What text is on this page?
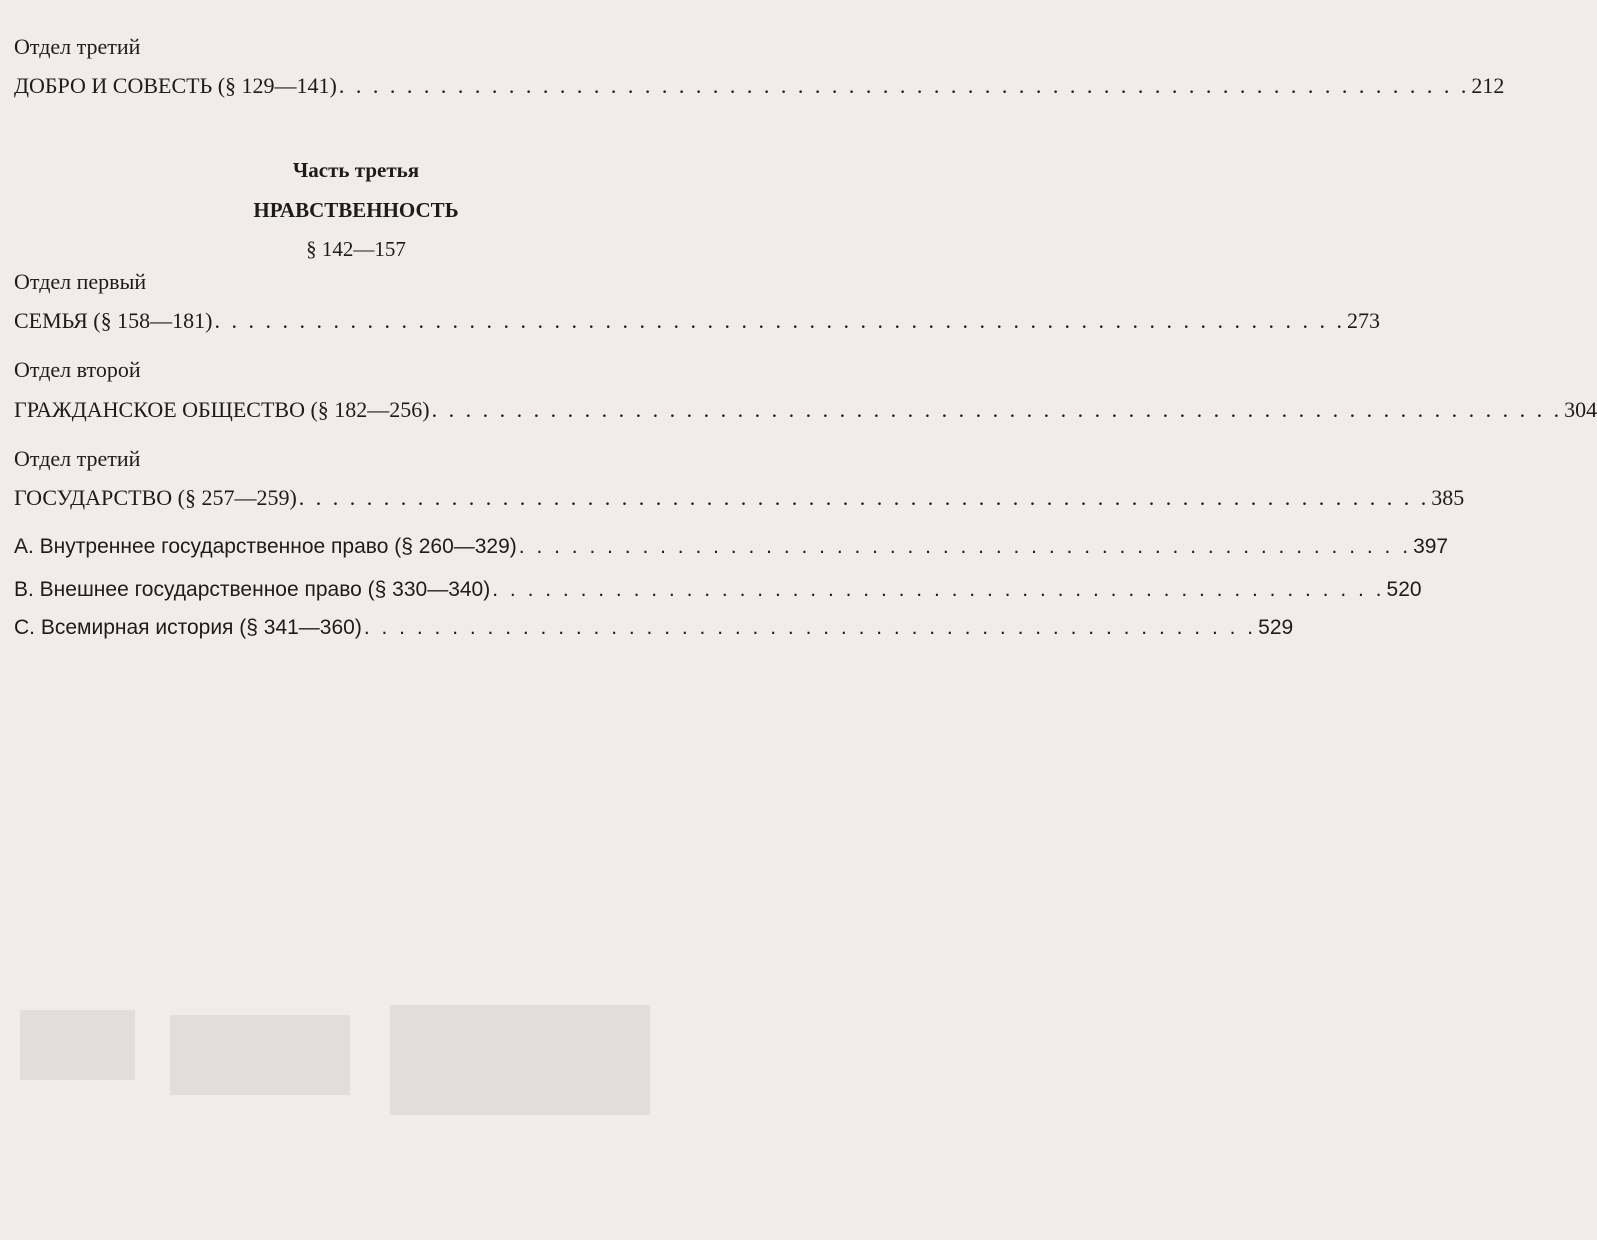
Отдел третий
ДОБРО И СОВЕСТЬ (§ 129—141) . . . . . . . . . . . . . . . . . . . . . . . . . . . . . . . . . . . . . . . . . . . . . . . . . . . . . . . . . . . . . . . . . . . 212
Часть третья
НРАВСТВЕННОСТЬ
§ 142—157
Отдел первый
СЕМЬЯ (§ 158—181) . . . . . . . . . . . . . . . . . . . . . . . . . . . . . . . . . . . . . . . . . . . . . . . . . . . . . . . . . . . . . . . . . . . 273
Отдел второй
ГРАЖДАНСКОЕ ОБЩЕСТВО (§ 182—256) . . . . . . . . . . . . . . . . . . . . . . . . . . . . . . . . . . . . . . . . . . . . . . . . . . . . . . . . . . . . . . . . . . . 304
Отдел третий
ГОСУДАРСТВО (§ 257—259) . . . . . . . . . . . . . . . . . . . . . . . . . . . . . . . . . . . . . . . . . . . . . . . . . . . . . . . . . . . . . . . . . . . 385
А. Внутреннее государственное право (§ 260—329) . . . . . . . . . . . . . . . . . . . . . . . . . . . . . . . . . . . . . . . . . . . . . . . . . . . 397
В. Внешнее государственное право (§ 330—340) . . . . . . . . . . . . . . . . . . . . . . . . . . . . . . . . . . . . . . . . . . . . . . . . . . . 520
С. Всемирная история (§ 341—360) . . . . . . . . . . . . . . . . . . . . . . . . . . . . . . . . . . . . . . . . . . . . . . . . . . . 529
